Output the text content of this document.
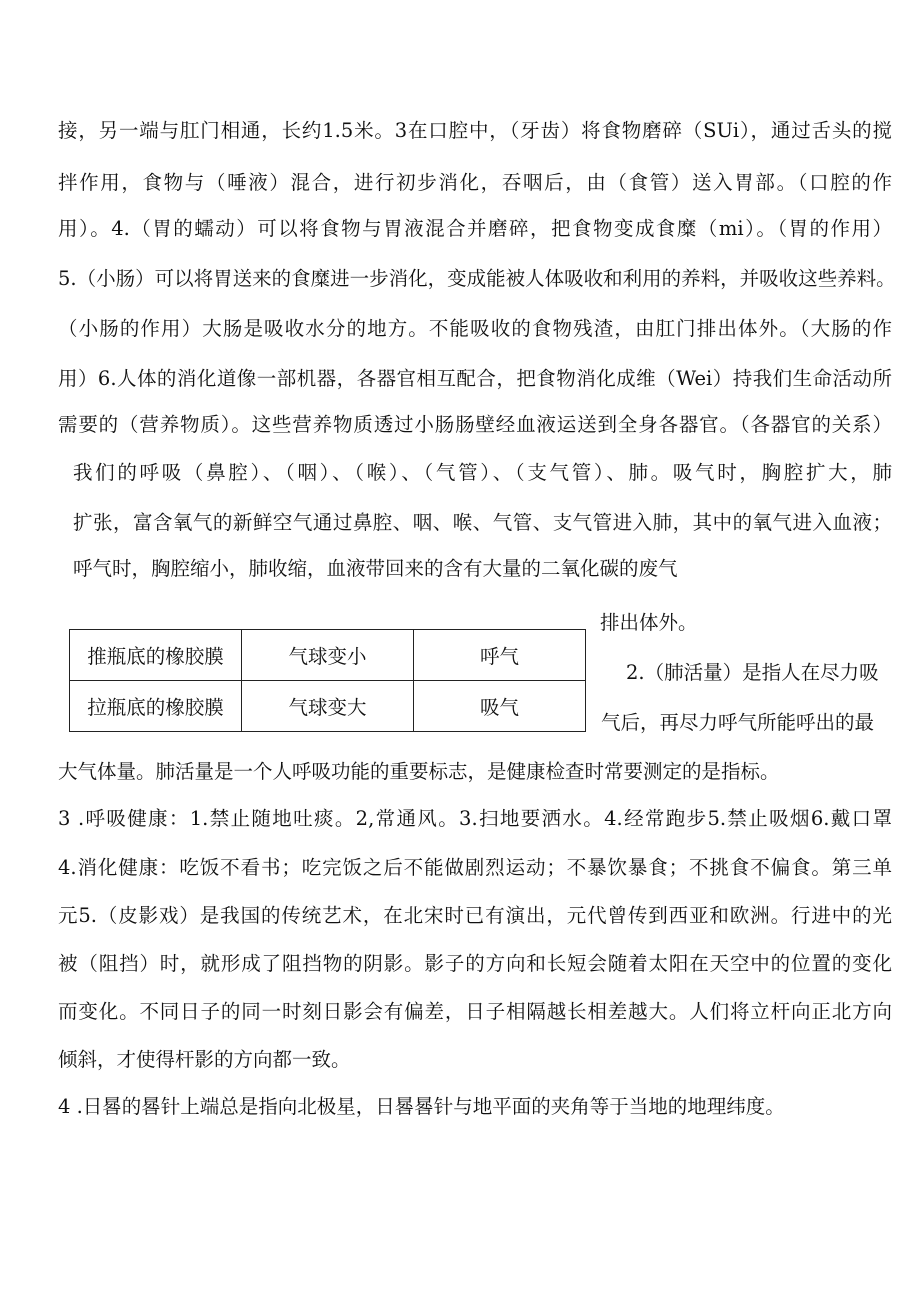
接，另一端与肛门相通，长约1.5米。3在口腔中，（牙齿）将食物磨碎（SUi），通过舌头的搅
拌作用，食物与（唾液）混合，进行初步消化，吞咽后，由（食管）送入胃部。（口腔的作
用）。4.（胃的蠕动）可以将食物与胃液混合并磨碎，把食物变成食糜（mi）。（胃的作用）
5.（小肠）可以将胃送来的食糜进一步消化，变成能被人体吸收和利用的养料，并吸收这些养料。
（小肠的作用）大肠是吸收水分的地方。不能吸收的食物残渣，由肛门排出体外。（大肠的作
用）6.人体的消化道像一部机器，各器官相互配合，把食物消化成维（Wei）持我们生命活动所
需要的（营养物质）。这些营养物质透过小肠肠壁经血液运送到全身各器官。（各器官的关系）
我们的呼吸（鼻腔）、（咽）、（喉）、（气管）、（支气管）、肺。吸气时，胸腔扩大，肺
扩张，富含氧气的新鲜空气通过鼻腔、咽、喉、气管、支气管进入肺，其中的氧气进入血液；
呼气时，胸腔缩小，肺收缩，血液带回来的含有大量的二氧化碳的废气
排出体外。
推瓶底的橡胶膜	气球变小	呼气
拉瓶底的橡胶膜	气球变大	吸气
2.（肺活量）是指人在尽力吸
气后，再尽力呼气所能呼出的最
大气体量。肺活量是一个人呼吸功能的重要标志，是健康检查时常要测定的是指标。
3 .呼吸健康：1.禁止随地吐痰。2,常通风。3.扫地要洒水。4.经常跑步5.禁止吸烟6.戴口罩
4.消化健康：吃饭不看书；吃完饭之后不能做剧烈运动；不暴饮暴食；不挑食不偏食。第三单
元5.（皮影戏）是我国的传统艺术，在北宋时已有演出，元代曾传到西亚和欧洲。行进中的光
被（阻挡）时，就形成了阻挡物的阴影。影子的方向和长短会随着太阳在天空中的位置的变化
而变化。不同日子的同一时刻日影会有偏差，日子相隔越长相差越大。人们将立杆向正北方向
倾斜，才使得杆影的方向都一致。
4 .日晷的晷针上端总是指向北极星，日晷晷针与地平面的夹角等于当地的地理纬度。
